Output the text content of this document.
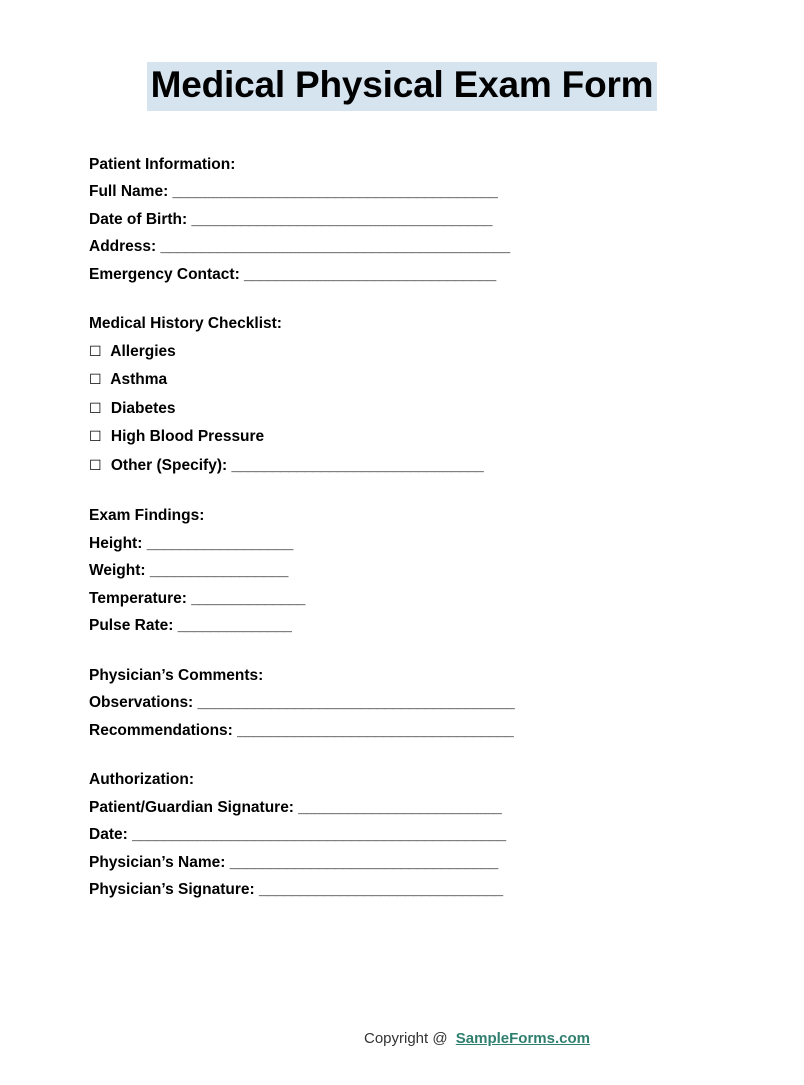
Medical Physical Exam Form
Patient Information:
Full Name: ________________________________________
Date of Birth: _____________________________________
Address: ___________________________________________
Emergency Contact: _______________________________
Medical History Checklist:
☐ Allergies
☐ Asthma
☐ Diabetes
☐ High Blood Pressure
☐ Other (Specify): _______________________________
Exam Findings:
Height: __________________
Weight: _________________
Temperature: ______________
Pulse Rate: ______________
Physician’s Comments:
Observations: _______________________________________
Recommendations: __________________________________
Authorization:
Patient/Guardian Signature: _________________________
Date: ______________________________________________
Physician’s Name: _________________________________
Physician’s Signature: ______________________________
Copyright @ SampleForms.com
